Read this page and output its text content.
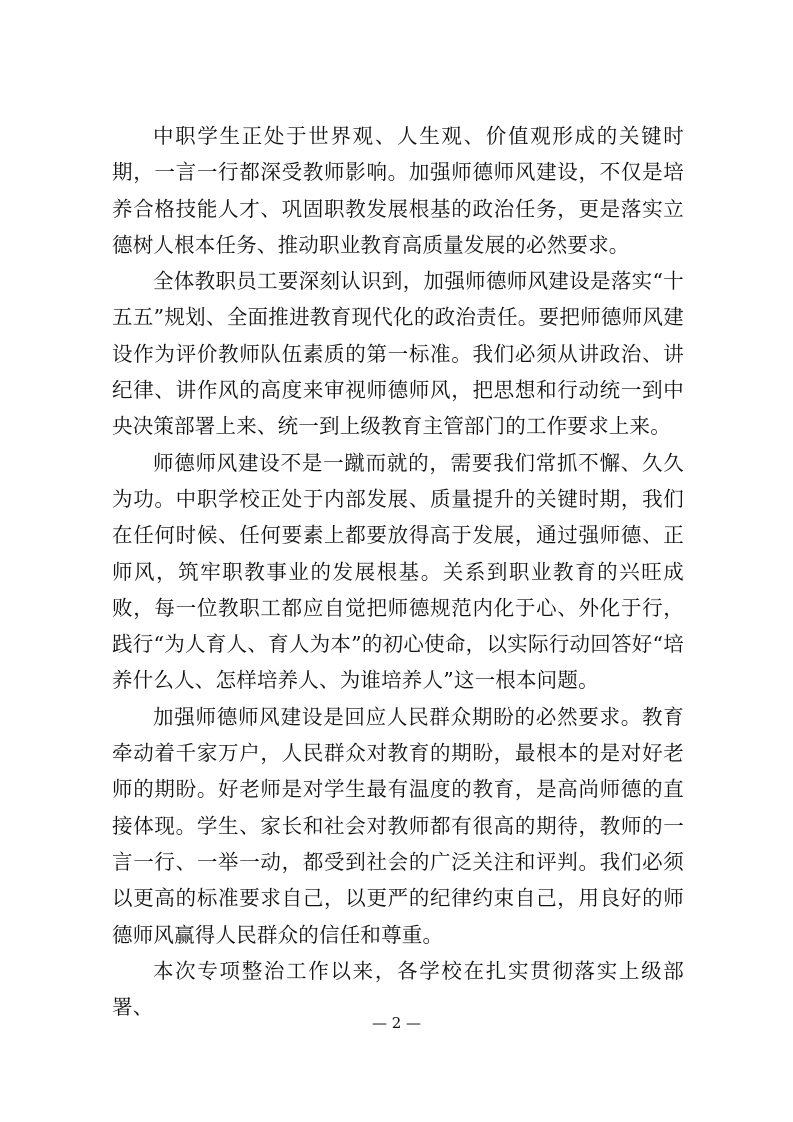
中职学生正处于世界观、人生观、价值观形成的关键时期，一言一行都深受教师影响。加强师德师风建设，不仅是培养合格技能人才、巩固职教发展根基的政治任务，更是落实立德树人根本任务、推动职业教育高质量发展的必然要求。

全体教职员工要深刻认识到，加强师德师风建设是落实“十五五”规划、全面推进教育现代化的政治责任。要把师德师风建设作为评价教师队伍素质的第一标准。我们必须从讲政治、讲纪律、讲作风的高度来审视师德师风，把思想和行动统一到中央决策部署上来、统一到上级教育主管部门的工作要求上来。

师德师风建设不是一蹴而就的，需要我们常抓不懈、久久为功。中职学校正处于内部发展、质量提升的关键时期，我们在任何时候、任何要素上都要放得高于发展，通过强师德、正师风，筑牢职教事业的发展根基。关系到职业教育的兴旺成败，每一位教职工都应自觉把师德规范内化于心、外化于行，践行“为人育人、育人为本”的初心使命，以实际行动回答好“培养什么人、怎样培养人、为谁培养人”这一根本问题。

加强师德师风建设是回应人民群众期盼的必然要求。教育牵动着千家万户，人民群众对教育的期盼，最根本的是对好老师的期盼。好老师是对学生最有温度的教育，是高尚师德的直接体现。学生、家长和社会对教师都有很高的期待，教师的一言一行、一举一动，都受到社会的广泛关注和评判。我们必须以更高的标准要求自己，以更严的纪律约束自己，用良好的师德师风赢得人民群众的信任和尊重。

本次专项整治工作以来，各学校在扎实贯彻落实上级部署、

— 2 —
